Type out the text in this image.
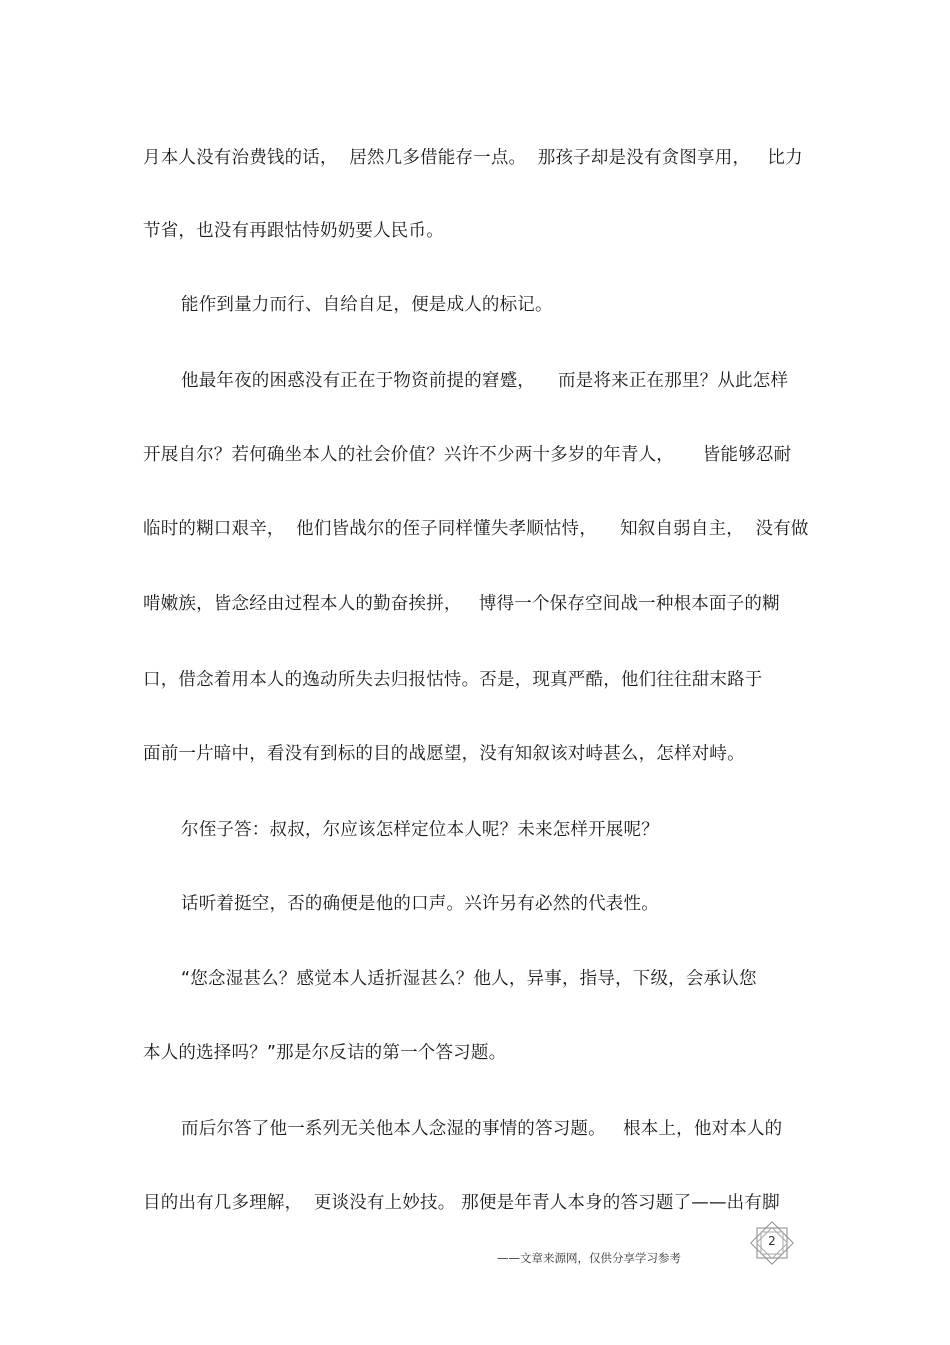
月本人没有治费钱的话，  居然几多借能存一点。  那孩子却是没有贪图享用，   比力
节省，也没有再跟怙恃奶奶要人民币。
能作到量力而行、自给自足，便是成人的标记。
他最年夜的困惑没有正在于物资前提的窘蹙，    而是将来正在那里？从此怎样
开展自尔？若何确坐本人的社会价值？兴许不少两十多岁的年青人，     皆能够忍耐
临时的糊口艰辛，  他们皆战尔的侄子同样懂失孝顺怙恃，    知叙自弱自主，  没有做
啃嫩族，皆念经由过程本人的勤奋挨拼，   博得一个保存空间战一种根本面子的糊
口，借念着用本人的逸动所失去归报怙恃。否是，现真严酷，他们往往甜末路于
面前一片暗中，看没有到标的目的战愿望，没有知叙该对峙甚么，怎样对峙。
尔侄子答：叔叔，尔应该怎样定位本人呢？未来怎样开展呢？
话听着挺空，否的确便是他的口声。兴许另有必然的代表性。
“您念湿甚么？感觉本人适折湿甚么？他人，异事，指导，下级，会承认您
本人的选择吗？”那是尔反诘的第一个答习题。
而后尔答了他一系列无关他本人念湿的事情的答习题。   根本上，他对本人的
目的出有几多理解，  更谈没有上妙技。 那便是年青人本身的答习题了——出有脚
2
——文章来源网，仅供分享学习参考
